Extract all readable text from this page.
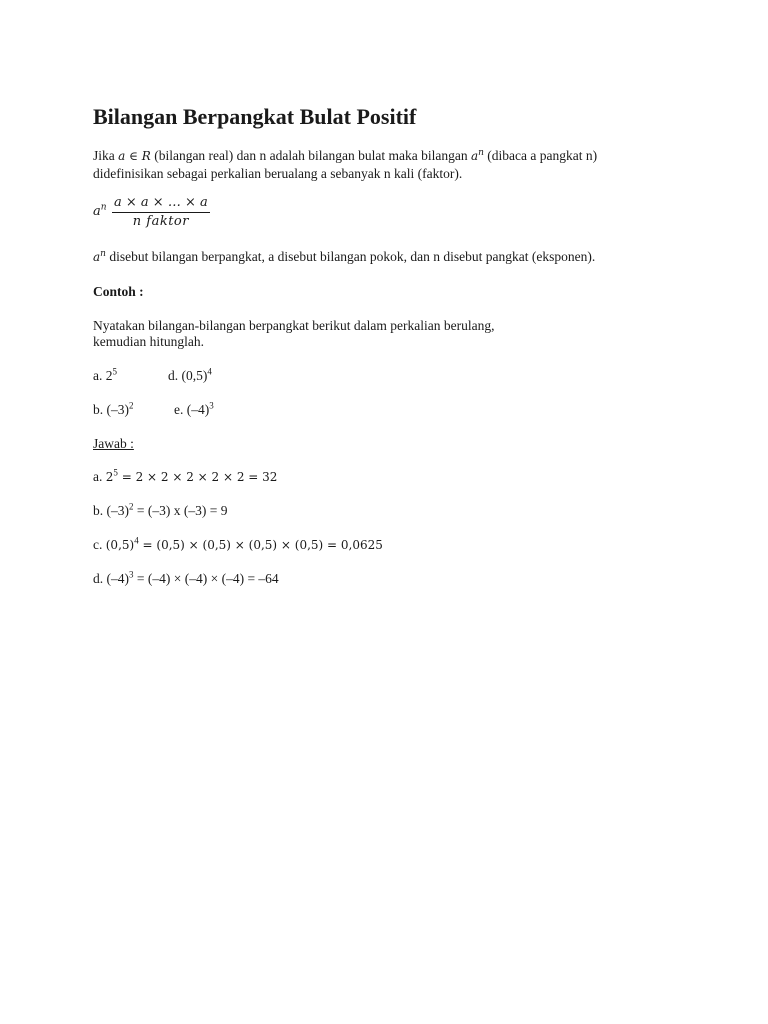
Bilangan Berpangkat Bulat Positif
Jika a ∈ R (bilangan real) dan n adalah bilangan bulat maka bilangan $a^n$ (dibaca a pangkat n)
didefinisikan sebagai perkalian berualang a sebanyak n kali (faktor).
$a^n$ a × a × … × a
n faktor
$a^n$ disebut bilangan berpangkat, a disebut bilangan pokok, dan n disebut pangkat (eksponen).
Contoh :
Nyatakan bilangan-bilangan berpangkat berikut dalam perkalian berulang,
kemudian hitunglah.
a. $2^5$	d. $(0,5)^4$
b. $(-3)^2$	e. $(-4)^3$
Jawab :
a. $2^5 = 2 \times 2 \times 2 \times 2 \times 2 = 32$
b. $(-3)^2 = (-3)$ x (–3) = 9
c. $(0,5)^4 = (0,5) \times (0,5) \times (0,5) \times (0,5) = 0,0625$
d. $(-4)^3 = (-4) \times (-4) \times (-4) = -64$
